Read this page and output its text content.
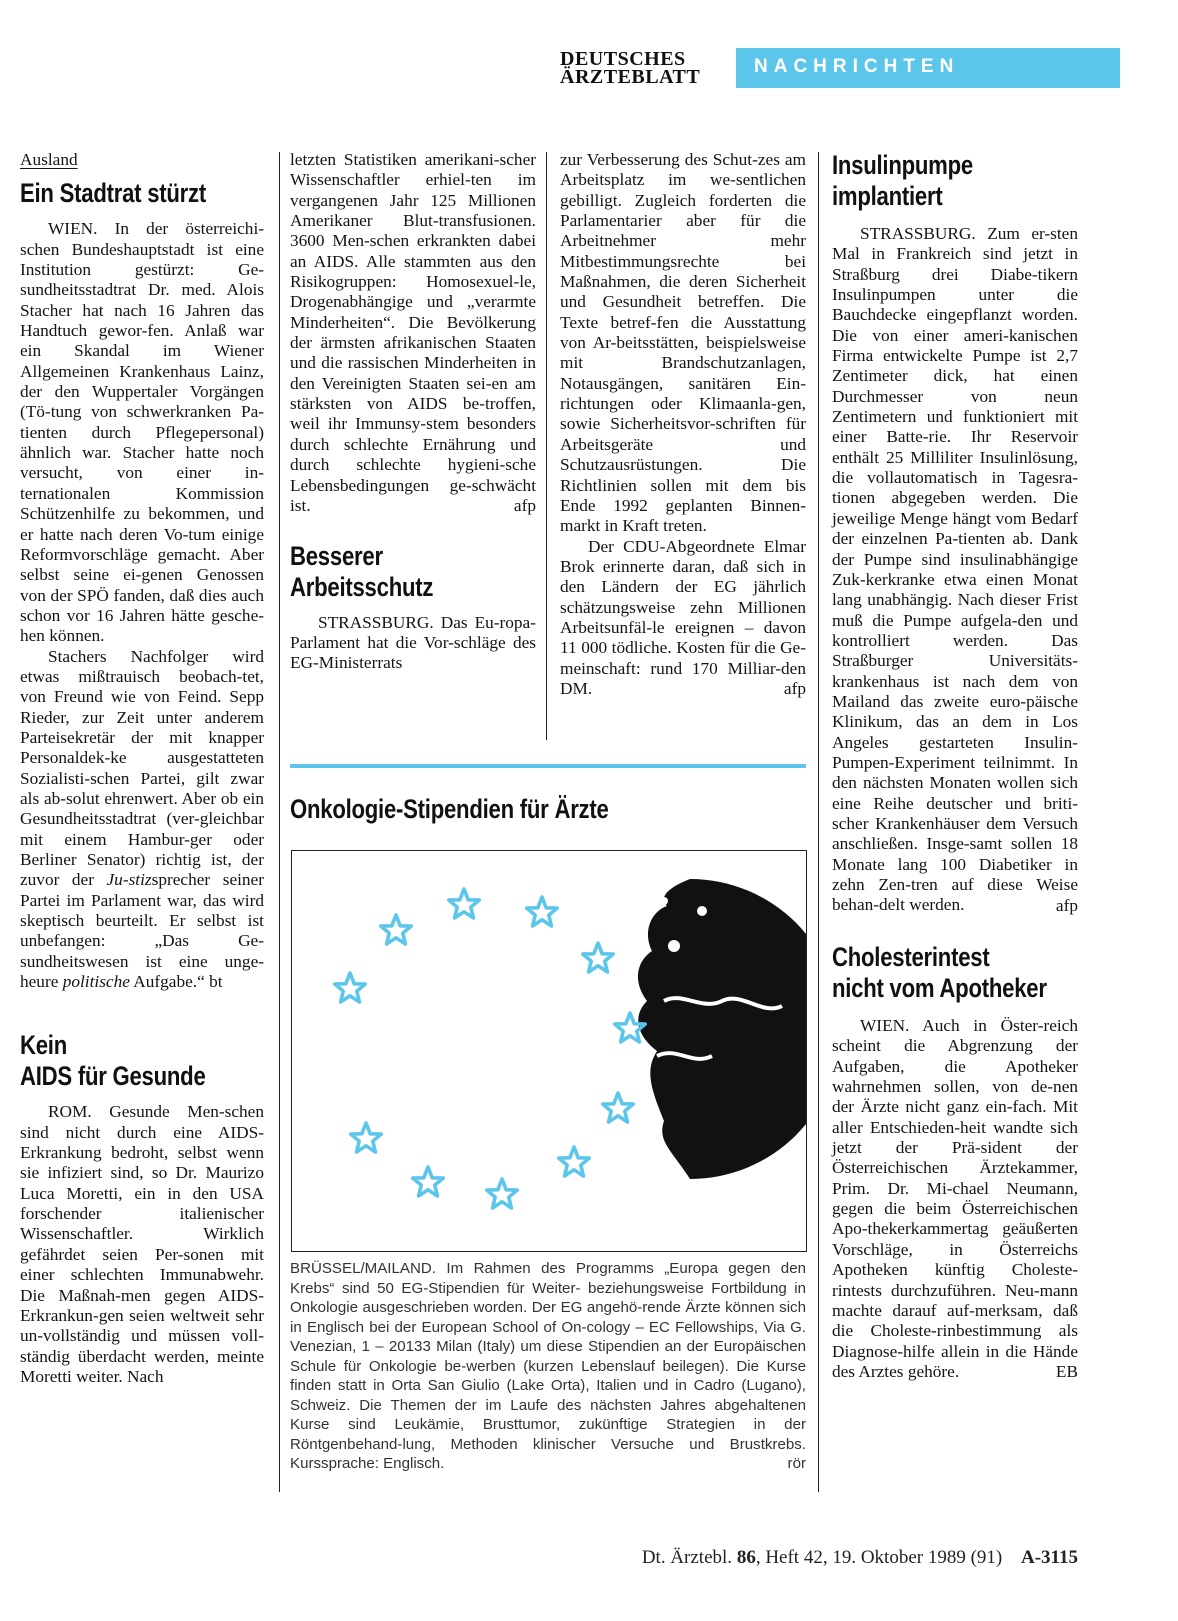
DEUTSCHES
ÄRZTEBLATT	NACHRICHTEN
Ausland
Ein Stadtrat stürzt

WIEN. In der österreichi-schen Bundeshauptstadt ist eine Institution gestürzt: Ge-sundheitsstadtrat Dr. med. Alois Stacher hat nach 16 Jahren das Handtuch gewor-fen. Anlaß war ein Skandal im Wiener Allgemeinen Krankenhaus Lainz, der den Wuppertaler Vorgängen (Tö-tung von schwerkranken Pa-tienten durch Pflegepersonal) ähnlich war. Stacher hatte noch versucht, von einer in-ternationalen Kommission Schützenhilfe zu bekommen, und er hatte nach deren Vo-tum einige Reformvorschläge gemacht. Aber selbst seine ei-genen Genossen von der SPÖ fanden, daß dies auch schon vor 16 Jahren hätte gesche-hen können.

Stachers Nachfolger wird etwas mißtrauisch beobach-tet, von Freund wie von Feind. Sepp Rieder, zur Zeit unter anderem Parteisekretär der mit knapper Personaldek-ke ausgestatteten Sozialisti-schen Partei, gilt zwar als ab-solut ehrenwert. Aber ob ein Gesundheitsstadtrat (ver-gleichbar mit einem Hambur-ger oder Berliner Senator) richtig ist, der zuvor der Ju-stizsprecher seiner Partei im Parlament war, das wird skeptisch beurteilt. Er selbst ist unbefangen: „Das Ge-sundheitswesen ist eine unge-heure politische Aufgabe.“ bt

Kein
AIDS für Gesunde

ROM. Gesunde Men-schen sind nicht durch eine AIDS-Erkrankung bedroht, selbst wenn sie infiziert sind, so Dr. Maurizo Luca Moretti, ein in den USA forschender italienischer Wissenschaftler. Wirklich gefährdet seien Per-sonen mit einer schlechten Immunabwehr. Die Maßnah-men gegen AIDS-Erkrankun-gen seien weltweit sehr un-vollständig und müssen voll-ständig überdacht werden, meinte Moretti weiter. Nach

letzten Statistiken amerikani-scher Wissenschaftler erhiel-ten im vergangenen Jahr 125 Millionen Amerikaner Blut-transfusionen. 3600 Men-schen erkrankten dabei an AIDS. Alle stammten aus den Risikogruppen: Homosexuel-le, Drogenabhängige und „verarmte Minderheiten“. Die Bevölkerung der ärmsten afrikanischen Staaten und die rassischen Minderheiten in den Vereinigten Staaten sei-en am stärksten von AIDS be-troffen, weil ihr Immunsy-stem besonders durch schlechte Ernährung und durch schlechte hygieni-sche Lebensbedingungen ge-schwächt ist.	afp

Besserer
Arbeitsschutz

STRASSBURG. Das Eu-ropa-Parlament hat die Vor-schläge des EG-Ministerrats

zur Verbesserung des Schut-zes am Arbeitsplatz im we-sentlichen gebilligt. Zugleich forderten die Parlamentarier aber für die Arbeitnehmer mehr Mitbestimmungsrechte bei Maßnahmen, die deren Sicherheit und Gesundheit betreffen. Die Texte betref-fen die Ausstattung von Ar-beitsstätten, beispielsweise mit Brandschutzanlagen, Notausgängen, sanitären Ein-richtungen oder Klimaanla-gen, sowie Sicherheitsvor-schriften für Arbeitsgeräte und Schutzausrüstungen. Die Richtlinien sollen mit dem bis Ende 1992 geplanten Binnen-markt in Kraft treten.

Der CDU-Abgeordnete Elmar Brok erinnerte daran, daß sich in den Ländern der EG jährlich schätzungsweise zehn Millionen Arbeitsunfäl-le ereignen – davon 11 000 tödliche. Kosten für die Ge-meinschaft: rund 170 Milliar-den DM.	afp

Onkologie-Stipendien für Ärzte
BRÜSSEL/MAILAND. Im Rahmen des Programms „Europa gegen den Krebs“ sind 50 EG-Stipendien für Weiter- beziehungsweise Fortbildung in Onkologie ausgeschrieben worden. Der EG angehö-rende Ärzte können sich in Englisch bei der European School of On-cology – EC Fellowships, Via G. Venezian, 1 – 20133 Milan (Italy) um diese Stipendien an der Europäischen Schule für Onkologie be-werben (kurzen Lebenslauf beilegen). Die Kurse finden statt in Orta San Giulio (Lake Orta), Italien und in Cadro (Lugano), Schweiz. Die Themen der im Laufe des nächsten Jahres abgehaltenen Kurse sind Leukämie, Brusttumor, zukünftige Strategien in der Röntgenbehand-lung, Methoden klinischer Versuche und Brustkrebs. Kurssprache: Englisch.	rör
Insulinpumpe
implantiert

STRASSBURG. Zum er-sten Mal in Frankreich sind jetzt in Straßburg drei Diabe-tikern Insulinpumpen unter die Bauchdecke eingepflanzt worden. Die von einer ameri-kanischen Firma entwickelte Pumpe ist 2,7 Zentimeter dick, hat einen Durchmesser von neun Zentimetern und funktioniert mit einer Batte-rie. Ihr Reservoir enthält 25 Milliliter Insulinlösung, die vollautomatisch in Tagesra-tionen abgegeben werden. Die jeweilige Menge hängt vom Bedarf der einzelnen Pa-tienten ab. Dank der Pumpe sind insulinabhängige Zuk-kerkranke etwa einen Monat lang unabhängig. Nach dieser Frist muß die Pumpe aufgela-den und kontrolliert werden. Das Straßburger Universitäts-krankenhaus ist nach dem von Mailand das zweite euro-päische Klinikum, das an dem in Los Angeles gestarteten Insulin-Pumpen-Experiment teilnimmt. In den nächsten Monaten wollen sich eine Reihe deutscher und briti-scher Krankenhäuser dem Versuch anschließen. Insge-samt sollen 18 Monate lang 100 Diabetiker in zehn Zen-tren auf diese Weise behan-delt werden.	afp

Cholesterintest
nicht vom Apotheker

WIEN. Auch in Öster-reich scheint die Abgrenzung der Aufgaben, die Apotheker wahrnehmen sollen, von de-nen der Ärzte nicht ganz ein-fach. Mit aller Entschieden-heit wandte sich jetzt der Prä-sident der Österreichischen Ärztekammer, Prim. Dr. Mi-chael Neumann, gegen die beim Österreichischen Apo-thekerkammertag geäußerten Vorschläge, in Österreichs Apotheken künftig Choleste-rintests durchzuführen. Neu-mann machte darauf auf-merksam, daß die Choleste-rinbestimmung als Diagnose-hilfe allein in die Hände des Arztes gehöre.	EB

Dt. Ärztebl. 86, Heft 42, 19. Oktober 1989 (91) A-3115
